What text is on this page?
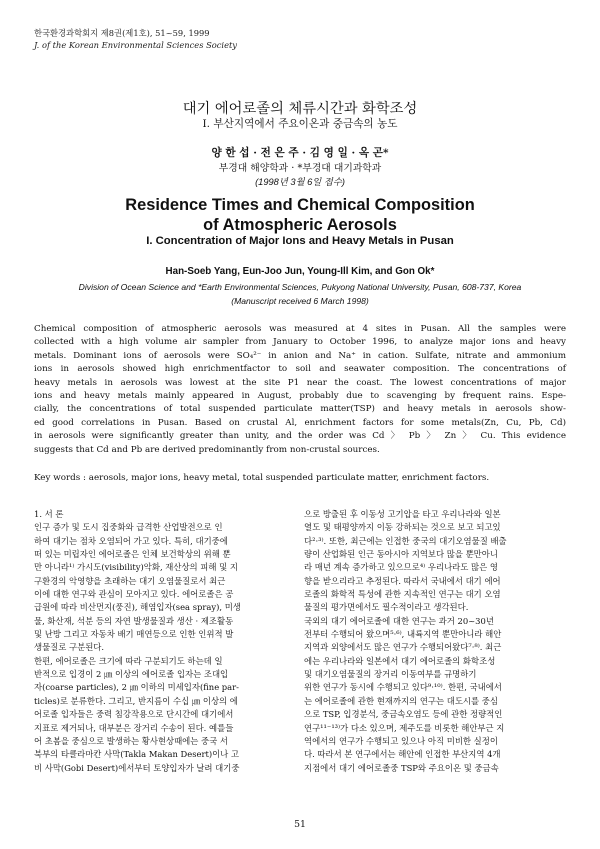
한국환경과학회지 제8권(제1호), 51~59, 1999
J. of the Korean Environmental Sciences Society
대기 에어로졸의 체류시간과 화학조성
I. 부산지역에서 주요이온과 중금속의 농도
양 한 섭 · 전 은 주 · 김 영 일 · 옥 곤*
부경대 해양학과 · *부경대 대기과학과
(1998년 3월 6일 접수)
Residence Times and Chemical Composition
of Atmospheric Aerosols
I. Concentration of Major Ions and Heavy Metals in Pusan
Han-Soeb Yang, Eun-Joo Jun, Young-Ill Kim, and Gon Ok*
Division of Ocean Science and *Earth Environmental Sciences, Pukyong National University, Pusan, 608-737, Korea
(Manuscript received 6 March 1998)

Chemical composition of atmospheric aerosols was measured at 4 sites in Pusan. All the samples were
collected with a high volume air sampler from January to October 1996, to analyze major ions and heavy
metals. Dominant ions of aerosols were SO₄²⁻ in anion and Na⁺ in cation. Sulfate, nitrate and ammonium
ions in aerosols showed high enrichmentfactor to soil and seawater composition. The concentrations of
heavy metals in aerosols was lowest at the site P1 near the coast. The lowest concentrations of major
ions and heavy metals mainly appeared in August, probably due to scavenging by frequent rains. Espe-
cially, the concentrations of total suspended particulate matter(TSP) and heavy metals in aerosols show-
ed good correlations in Pusan. Based on crustal Al, enrichment factors for some metals(Zn, Cu, Pb, Cd)
in aerosols were significantly greater than unity, and the order was Cd 〉 Pb 〉 Zn 〉 Cu. This evidence
suggests that Cd and Pb are derived predominantly from non-crustal sources.

Key words : aerosols, major ions, heavy metal, total suspended particulate matter, enrichment factors.
1. 서 론
인구 증가 및 도시 집중화와 급격한 산업발전으로 인
하여 대기는 점차 오염되어 가고 있다. 특히, 대기중에
떠 있는 미립자인 에어로졸은 인체 보건학상의 위해 뿐
만 아니라¹⁾ 가시도(visibility)악화, 재산상의 피해 및 지
구환경의 악영향을 초래하는 대기 오염물질로서 최근
이에 대한 연구와 관심이 모아지고 있다. 에어로졸은 공
급원에 따라 비산먼지(풍진), 해염입자(sea spray), 미생
물, 화산재, 석분 등의 자연 발생물질과 생산 · 제조활동
및 난방 그리고 자동차 배기 매연등으로 인한 인위적 발
생물질로 구분된다.
한편, 에어로졸은 크기에 따라 구분되기도 하는데 일
반적으로 입경이 2 ㎛ 이상의 에어로졸 입자는 조대입
자(coarse particles), 2 ㎛ 이하의 미세입자(fine par-
ticles)로 분류한다. 그리고, 반지름이 수십 ㎛ 이상의 에
어로졸 입자들은 중력 침강작용으로 단시간에 대기에서
지표로 제거되나, 대부분은 장거리 수송이 된다. 예를들
어 초봄을 중심으로 발생하는 황사현상때에는 중국 서
북부의 타클라마칸 사막(Takla Makan Desert)이나 고
비 사막(Gobi Desert)에서부터 토양입자가 날려 대기중
으로 방출된 후 이동성 고기압을 타고 우리나라와 일본
열도 및 태평양까지 이동 강하되는 것으로 보고 되고있
다²·³⁾. 또한, 최근에는 인접한 중국의 대기오염물질 배출
량이 산업화된 인근 동아시아 지역보다 많을 뿐만아니
라 매년 계속 증가하고 있으므로⁴⁾ 우리나라도 많은 영
향을 받으리라고 추정된다. 따라서 국내에서 대기 에어
로졸의 화학적 특성에 관한 지속적인 연구는 대기 오염
물질의 평가면에서도 필수적이라고 생각된다.
국외의 대기 에어로졸에 대한 연구는 과거 20~30년
전부터 수행되어 왔으며⁵·⁶⁾, 내륙지역 뿐만아니라 해안
지역과 외양에서도 많은 연구가 수행되어왔다⁷·⁸⁾. 최근
에는 우리나라와 일본에서 대기 에어로졸의 화학조성
및 대기오염물질의 장거리 이동여부를 규명하기
위한 연구가 동시에 수행되고 있다⁹·¹⁰⁾. 한편, 국내에서
는 에어로졸에 관한 현재까지의 연구는 대도시를 중심
으로 TSP, 입경분석, 중금속오염도 등에 관한 정량적인
연구¹¹⁻¹³⁾가 다소 있으며, 제주도를 비롯한 해안부근 지
역에서의 연구가 수행되고 있으나 아직 미비한 실정이
다. 따라서 본 연구에서는 해안에 인접한 부산지역 4개
지점에서 대기 에어로졸중 TSP와 주요이온 및 중금속
51
